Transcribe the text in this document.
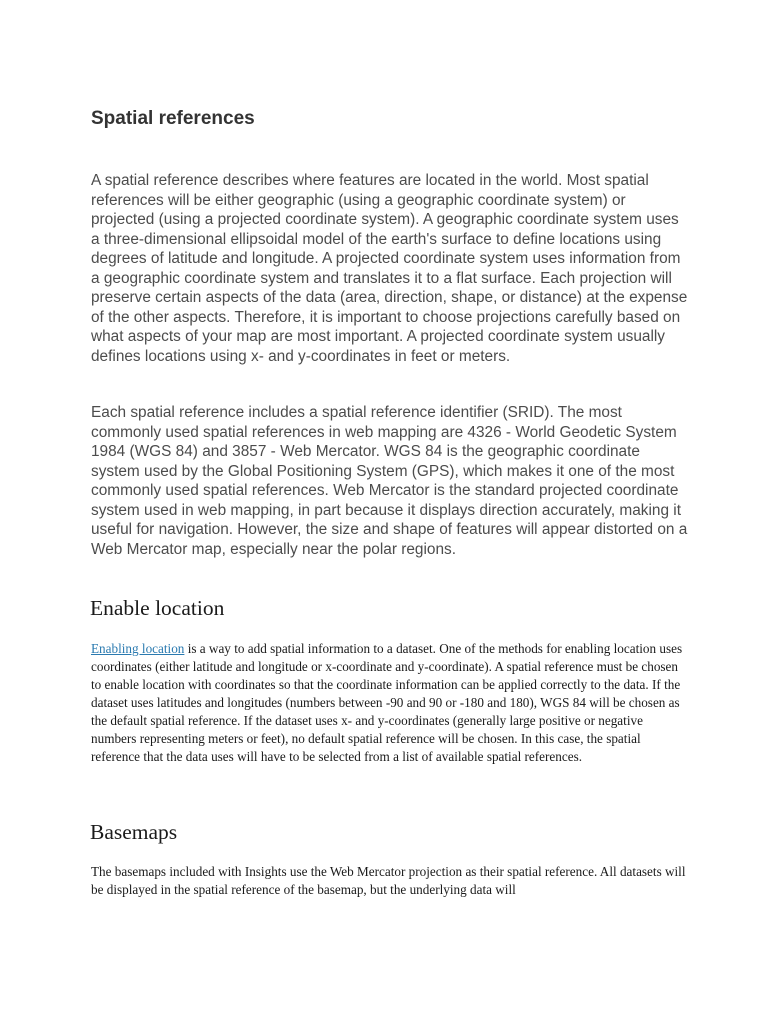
Spatial references

A spatial reference describes where features are located in the world. Most spatial references will be either geographic (using a geographic coordinate system) or projected (using a projected coordinate system). A geographic coordinate system uses a three-dimensional ellipsoidal model of the earth's surface to define locations using degrees of latitude and longitude. A projected coordinate system uses information from a geographic coordinate system and translates it to a flat surface. Each projection will preserve certain aspects of the data (area, direction, shape, or distance) at the expense of the other aspects. Therefore, it is important to choose projections carefully based on what aspects of your map are most important. A projected coordinate system usually defines locations using x- and y-coordinates in feet or meters.

Each spatial reference includes a spatial reference identifier (SRID). The most commonly used spatial references in web mapping are 4326 - World Geodetic System 1984 (WGS 84) and 3857 - Web Mercator. WGS 84 is the geographic coordinate system used by the Global Positioning System (GPS), which makes it one of the most commonly used spatial references. Web Mercator is the standard projected coordinate system used in web mapping, in part because it displays direction accurately, making it useful for navigation. However, the size and shape of features will appear distorted on a Web Mercator map, especially near the polar regions.

Enable location

Enabling location is a way to add spatial information to a dataset. One of the methods for enabling location uses coordinates (either latitude and longitude or x-coordinate and y-coordinate). A spatial reference must be chosen to enable location with coordinates so that the coordinate information can be applied correctly to the data. If the dataset uses latitudes and longitudes (numbers between -90 and 90 or -180 and 180), WGS 84 will be chosen as the default spatial reference. If the dataset uses x- and y-coordinates (generally large positive or negative numbers representing meters or feet), no default spatial reference will be chosen. In this case, the spatial reference that the data uses will have to be selected from a list of available spatial references.

Basemaps

The basemaps included with Insights use the Web Mercator projection as their spatial reference. All datasets will be displayed in the spatial reference of the basemap, but the underlying data will
